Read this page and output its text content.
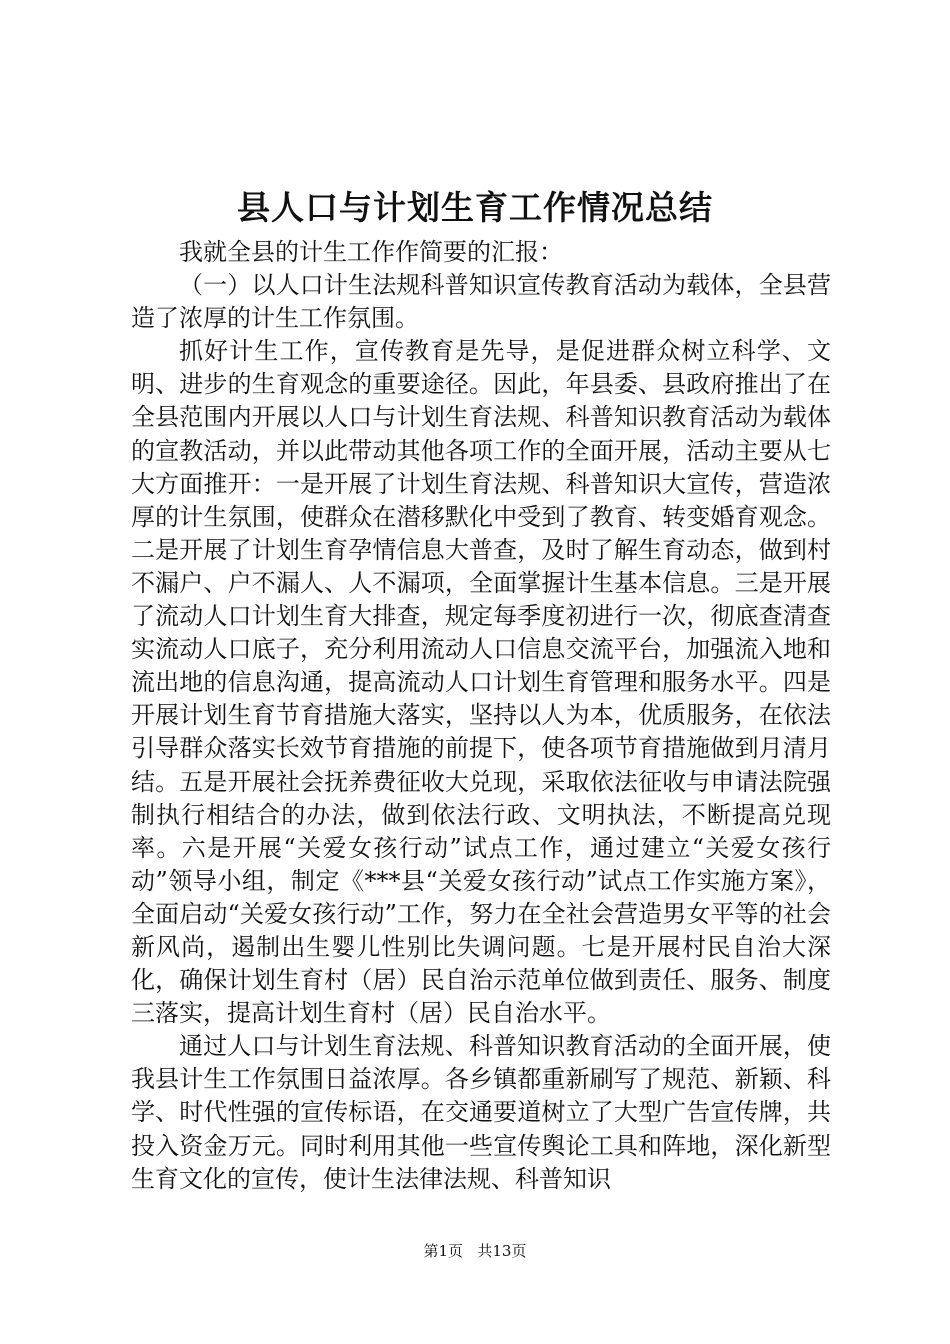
县人口与计划生育工作情况总结

我就全县的计生工作作简要的汇报：

（一）以人口计生法规科普知识宣传教育活动为载体，全县营造了浓厚的计生工作氛围。

抓好计生工作，宣传教育是先导，是促进群众树立科学、文明、进步的生育观念的重要途径。因此，年县委、县政府推出了在全县范围内开展以人口与计划生育法规、科普知识教育活动为载体的宣教活动，并以此带动其他各项工作的全面开展，活动主要从七大方面推开：一是开展了计划生育法规、科普知识大宣传，营造浓厚的计生氛围，使群众在潜移默化中受到了教育、转变婚育观念。二是开展了计划生育孕情信息大普查，及时了解生育动态，做到村不漏户、户不漏人、人不漏项，全面掌握计生基本信息。三是开展了流动人口计划生育大排查，规定每季度初进行一次，彻底查清查实流动人口底子，充分利用流动人口信息交流平台，加强流入地和流出地的信息沟通，提高流动人口计划生育管理和服务水平。四是开展计划生育节育措施大落实，坚持以人为本，优质服务，在依法引导群众落实长效节育措施的前提下，使各项节育措施做到月清月结。五是开展社会抚养费征收大兑现，采取依法征收与申请法院强制执行相结合的办法，做到依法行政、文明执法，不断提高兑现率。六是开展“关爱女孩行动”试点工作，通过建立“关爱女孩行动”领导小组，制定《***县“关爱女孩行动”试点工作实施方案》，全面启动“关爱女孩行动”工作，努力在全社会营造男女平等的社会新风尚，遏制出生婴儿性别比失调问题。七是开展村民自治大深化，确保计划生育村（居）民自治示范单位做到责任、服务、制度三落实，提高计划生育村（居）民自治水平。

通过人口与计划生育法规、科普知识教育活动的全面开展，使我县计生工作氛围日益浓厚。各乡镇都重新刷写了规范、新颖、科学、时代性强的宣传标语，在交通要道树立了大型广告宣传牌，共投入资金万元。同时利用其他一些宣传舆论工具和阵地，深化新型生育文化的宣传，使计生法律法规、科普知识

第1页 共13页
